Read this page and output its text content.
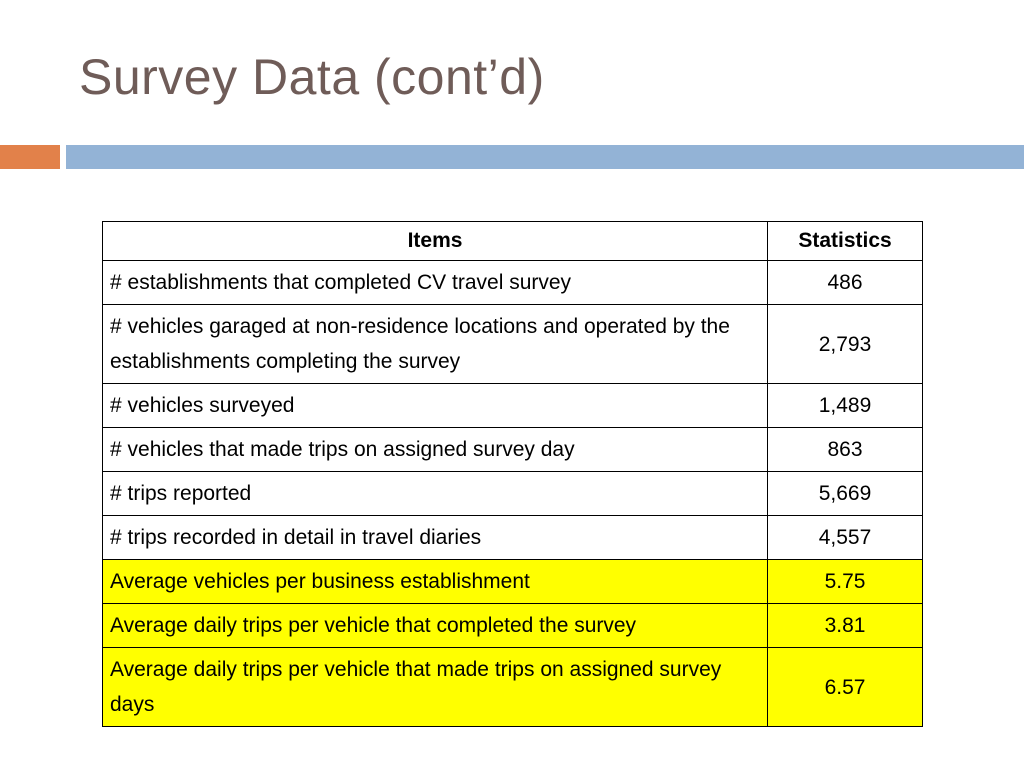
Survey Data (cont’d)
Items	Statistics
# establishments that completed CV travel survey	486
# vehicles garaged at non-residence locations and operated by the establishments completing the survey	2,793
# vehicles surveyed	1,489
# vehicles that made trips on assigned survey day	863
# trips reported	5,669
# trips recorded in detail in travel diaries	4,557
Average vehicles per business establishment	5.75
Average daily trips per vehicle that completed the survey	3.81
Average daily trips per vehicle that made trips on assigned survey days	6.57
